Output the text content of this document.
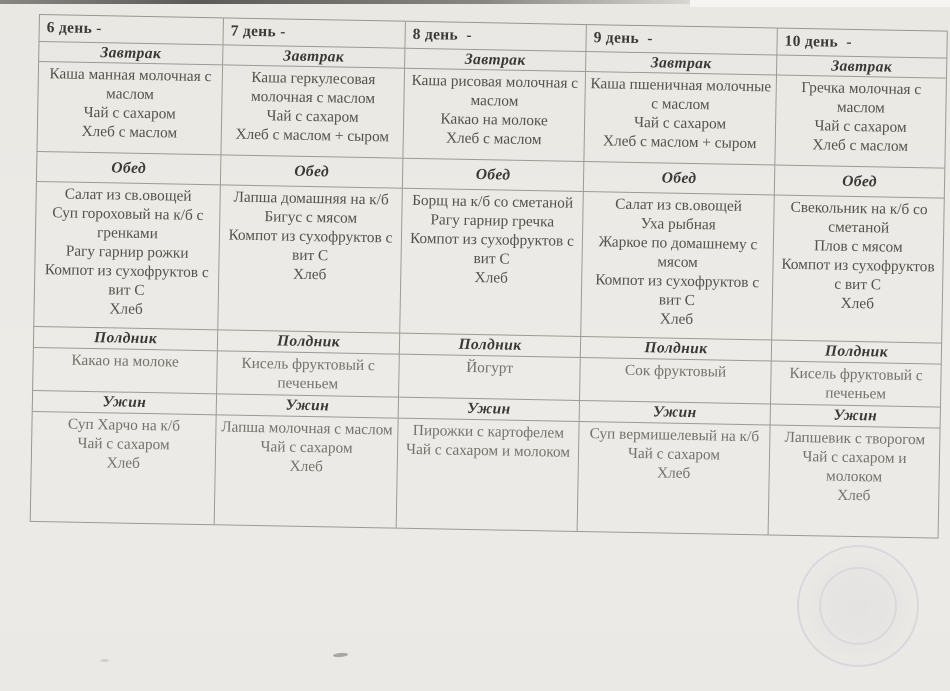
6 день -
Завтрак
Каша манная молочная с маслом
Чай с сахаром
Хлеб с маслом
Обед
Салат из св.овощей
Суп гороховый на к/б с гренками
Рагу гарнир рожки
Компот из сухофруктов с вит С
Хлеб
Полдник
Какао на молоке
Ужин
Суп Харчо на к/б
Чай с сахаром
Хлеб
7 день -
Завтрак
Каша геркулесовая молочная с маслом
Чай с сахаром
Хлеб с маслом + сыром
Обед
Лапша домашняя на к/б
Бигус с мясом
Компот из сухофруктов с вит С
Хлеб
Полдник
Кисель фруктовый с печеньем
Ужин
Лапша молочная с маслом
Чай с сахаром
Хлеб
8 день  -
Завтрак
Каша рисовая молочная с маслом
Какао на молоке
Хлеб с маслом
Обед
Борщ на к/б со сметаной
Рагу гарнир гречка
Компот из сухофруктов с вит С
Хлеб
Полдник
Йогурт
Ужин
Пирожки с картофелем
Чай с сахаром и молоком
9 день  -
Завтрак
Каша пшеничная молочные с маслом
Чай с сахаром
Хлеб с маслом + сыром
Обед
Салат из св.овощей
Уха рыбная
Жаркое по домашнему с мясом
Компот из сухофруктов с вит С
Хлеб
Полдник
Сок фруктовый
Ужин
Суп вермишелевый на к/б
Чай с сахаром
Хлеб
10 день  -
Завтрак
Гречка молочная с маслом
Чай с сахаром
Хлеб с маслом
Обед
Свекольник на к/б со сметаной
Плов с мясом
Компот из сухофруктов с вит С
Хлеб
Полдник
Кисель фруктовый с печеньем
Ужин
Лапшевик с творогом
Чай с сахаром и молоком
Хлеб
